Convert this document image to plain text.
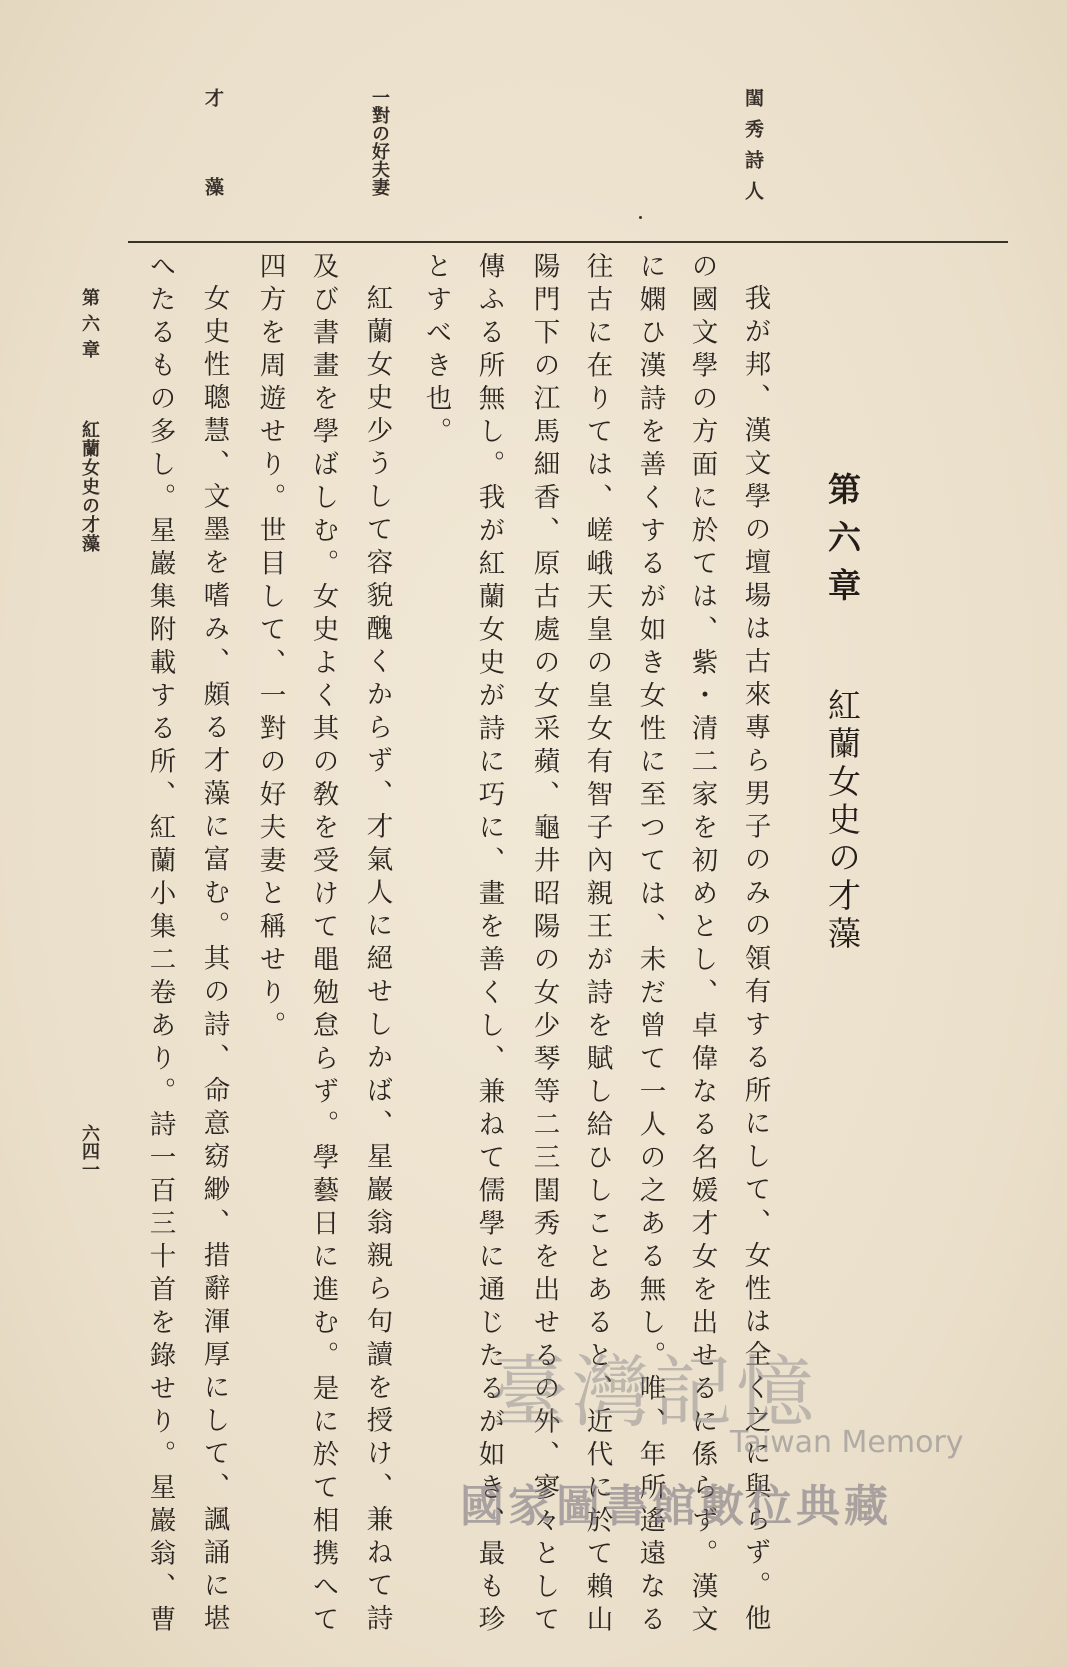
閨秀詩人
一對の好夫妻
才藻
第六章
紅蘭女史の才藻
我が邦、漢文學の壇場は古來專ら男子のみの領有する所にして、女性は全く之に與らず。他
の國文學の方面に於ては、紫・清二家を初めとし、卓偉なる名媛才女を出せるに係らず。漢文
に嫻ひ漢詩を善くするが如き女性に至つては、未だ曾て一人の之ある無し。唯、年所遙遠なる
往古に在りては、嵯峨天皇の皇女有智子內親王が詩を賦し給ひしことあると、近代に於て賴山
陽門下の江馬細香、原古處の女采蘋、龜井昭陽の女少琴等二三閨秀を出せるの外、寥々として
傳ふる所無し。我が紅蘭女史が詩に巧に、畫を善くし、兼ねて儒學に通じたるが如き、最も珍
とすべき也。
紅蘭女史少うして容貌醜くからず、才氣人に絕せしかば、星巖翁親ら句讀を授け、兼ねて詩
及び書畫を學ばしむ。女史よく其の敎を受けて黽勉怠らず。學藝日に進む。是に於て相携へて
四方を周遊せり。世目して、一對の好夫妻と稱せり。
女史性聰慧、文墨を嗜み、頗る才藻に富む。其の詩、命意窈緲、措辭渾厚にして、諷誦に堪
へたるもの多し。星巖集附載する所、紅蘭小集二卷あり。詩一百三十首を錄せり。星巖翁、曹
第六章
紅蘭女史の才藻
六四一
臺灣記憶
Taiwan Memory
國家圖書館數位典藏
